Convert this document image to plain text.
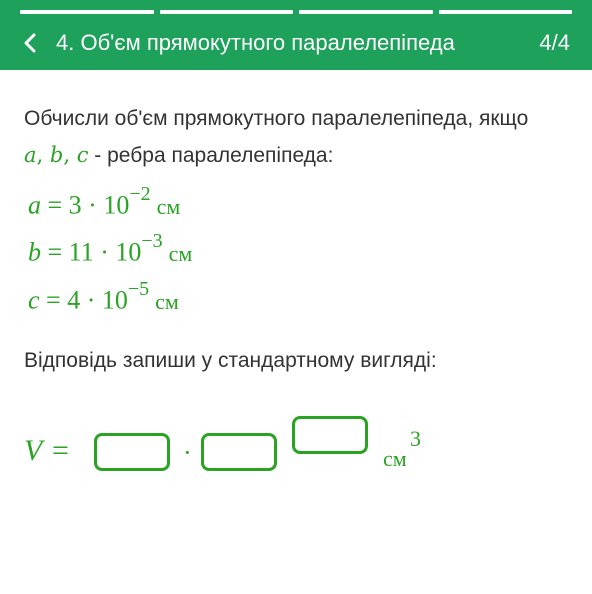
4. Об'єм прямокутного паралелепіпеда	4/4
Обчисли об'єм прямокутного паралелепіпеда, якщо
a, b, c - ребра паралелепіпеда:
$a = 3 \cdot 10^{-2}$ см
$b = 11 \cdot 10^{-3}$ см
$c = 4 \cdot 10^{-5}$ см
Відповідь запиши у стандартному вигляді:
V =	·	см
3
